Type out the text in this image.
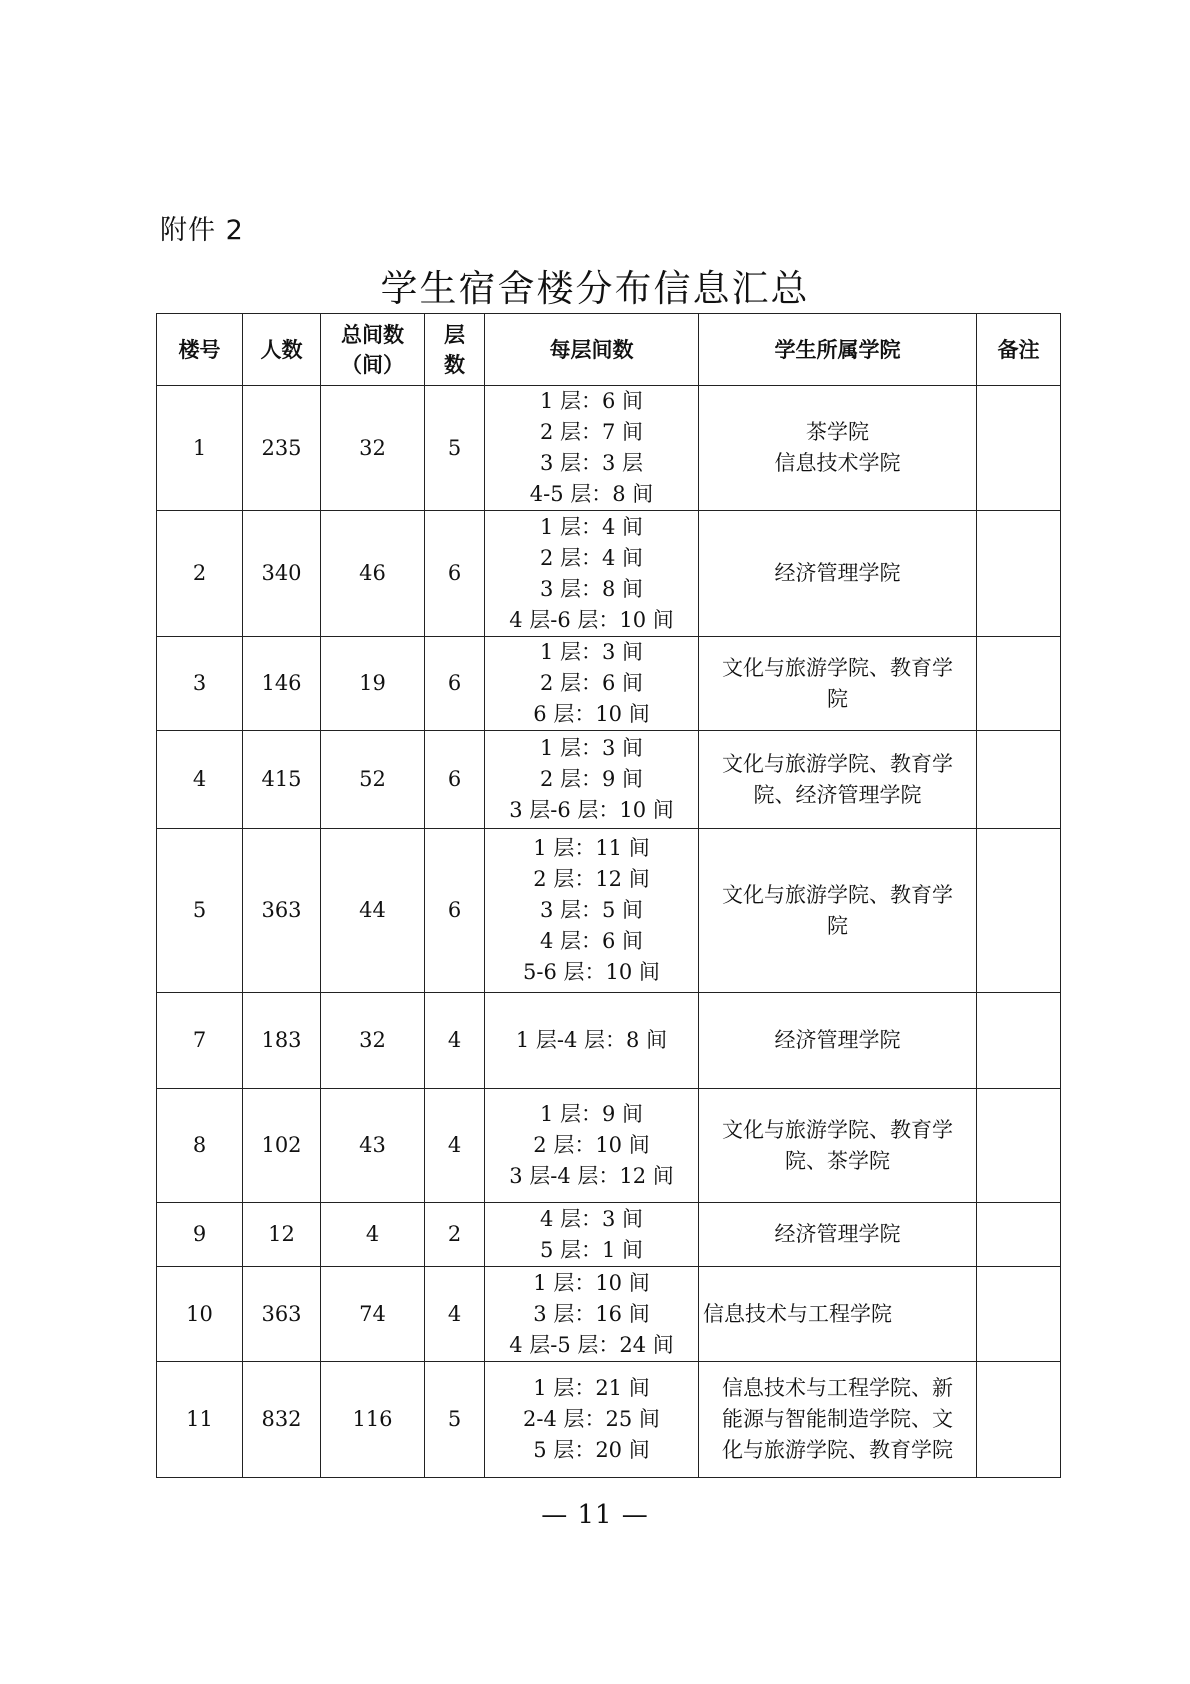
附件 2
学生宿舍楼分布信息汇总
楼号	人数	总间数
（间）	层
数	每层间数	学生所属学院	备注
1	235	32	5	1 层：6 间
2 层：7 间
3 层：3 层
4-5 层：8 间	茶学院
信息技术学院	

2	340	46	6	1 层：4 间
2 层：4 间
3 层：8 间
4 层-6 层：10 间	经济管理学院	

3	146	19	6	1 层：3 间
2 层：6 间
6 层：10 间	文化与旅游学院、教育学
院	

4	415	52	6	1 层：3 间
2 层：9 间
3 层-6 层：10 间	文化与旅游学院、教育学
院、经济管理学院	

5	363	44	6	1 层：11 间
2 层：12 间
3 层：5 间
4 层：6 间
5-6 层：10 间	文化与旅游学院、教育学
院	

7	183	32	4	1 层-4 层：8 间	经济管理学院	

8	102	43	4	1 层：9 间
2 层：10 间
3 层-4 层：12 间	文化与旅游学院、教育学
院、茶学院	

9	12	4	2	4 层：3 间
5 层：1 间	经济管理学院	

10	363	74	4	1 层：10 间
3 层：16 间
4 层-5 层：24 间	信息技术与工程学院	

11	832	116	5	1 层：21 间
2-4 层：25 间
5 层：20 间	信息技术与工程学院、新
能源与智能制造学院、文
化与旅游学院、教育学院	

— 11 —
